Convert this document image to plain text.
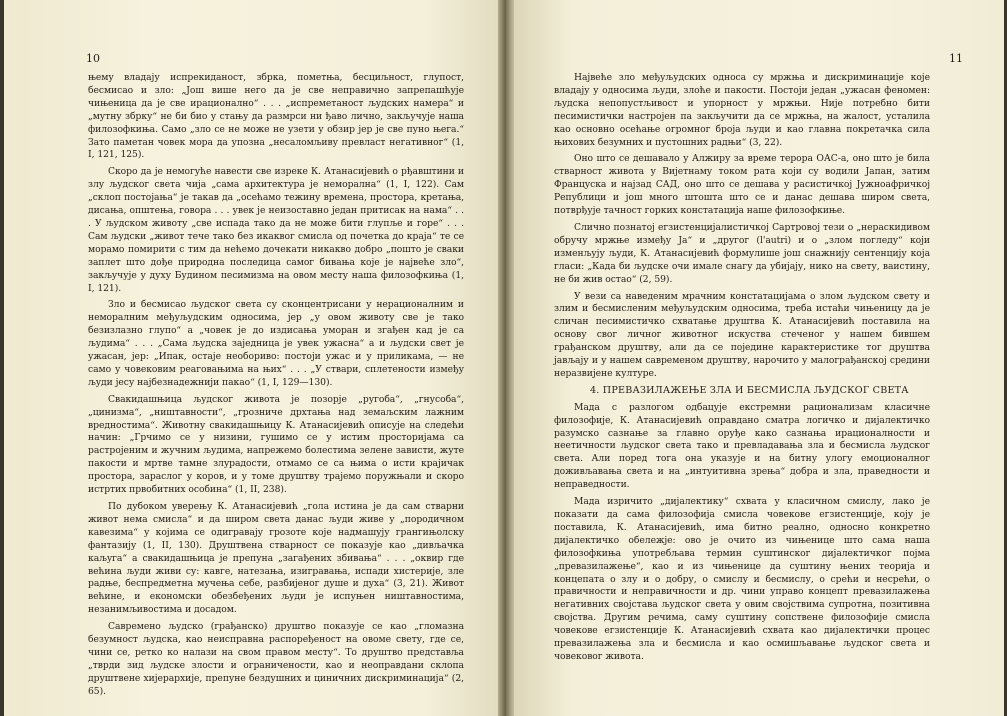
10

њему владају испрекиданост, збрка, пометња, бесциљност, глупост, бесмисао и зло: „Још више него да је све неправично запрепашћује чињеница да је све ирационално“ . . . „испреметаност људских намера“ и „мутну збрку“ не би био у стању да размрси ни ђаво лично, закључује наша филозофкиња. Само „зло се не може не узети у обзир јер је све пуно њега.“ Зато паметан човек мора да упозна „несаломљиву превласт негативног“ (1, I, 121, 125).

Скоро да је немогуће навести све изреке К. Атанасијевић о рђавштини и злу људског света чија „сама архитектура је неморална“ (1, I, 122). Сам „склоп постојања“ је такав да „осећамо тежину времена, простора, кретања, дисања, општења, говора . . . увек је неизоставно један притисак на нама“ . . . У људском животу „све испада тако да не може бити глупље и горе“ . . . Сам људски „живот тече тако без икаквог смисла од почетка до краја“ те се морамо помирити с тим да нећемо дочекати никакво добро „пошто је сваки заплет што дође природна последица самог бивања које је највеће зло“, закључује у духу Будином песимизма на овом месту наша филозофкиња (1, I, 121).

Зло и бесмисао људског света су сконцентрисани у нерационалним и неморалним међуљудским односима, јер „у овом животу све је тако безизлазно глупо“ а „човек је до издисања уморан и згађен кад је са људима“ . . . „Сама људска заједница је увек ужасна“ а и људски свет је ужасан, јер: „Ипак, остаје необориво: постоји ужас и у приликама, — не само у човековим реаговањима на њих“ . . . „У ствари, сплетености између људи јесу најбезнадежнији пакао“ (1, I, 129—130).

Свакидашњица људског живота је позорје „ругоба“, „гнусоба“, „цинизма“, „ништавности“, „грозниче дрхтања над земаљским лажним вредностима“. Животну свакидашњицу К. Атанасијевић описује на следећи начин: „Грчимо се у низини, гушимо се у истим просторијама са растројеним и жучним људима, напрежемо болестима зелене зависти, жуте пакости и мртве тамне злурадости, отмамо се са њима о исти крајичак простора, зараслог у коров, и у томе друштву трајемо поружњали и скоро истртих првобитних особина“ (1, II, 238).

По дубоком уверењу К. Атанасијевић „гола истина је да сам стварни живот нема смисла“ и да широм света данас људи живе у „породичном кавезима“ у којима се одигравају грозоте које надмашују грангињолску фантазију (1, II, 130). Друштвена стварност се показује као „дивљачка каљуга“ а свакидашњица је препуна „загађених збивања“ . . . „оквир где већина људи живи су: кавге, натезања, изигравања, испади хистерије, зле радње, беспредметна мучења себе, разбијеног душе и духа“ (3, 21). Живот већине, и економски обезбеђених људи је испуњен ништавностима, незанимљивостима и досадом.

Савремено људско (грађанско) друштво показује се као „гломазна безумност људска, као неисправна распоређеност на овоме свету, где се, чини се, ретко ко налази на свом правом месту“. То друштво представља „тврди зид људске злости и ограничености, као и неоправдани склопа друштвене хијерархије, препуне бездушних и циничних дискриминација“ (2, 65).

11

Највеће зло међуљудских односа су мржња и дискриминације које владају у односима људи, злоће и пакости. Постоји један „ужасан феномен: људска непопустљивост и упорност у мржњи. Није потребно бити песимистички настројен па закључити да се мржња, на жалост, усталила као основно осећање огромног броја људи и као главна покретачка сила њихових безумних и пустошних радњи“ (3, 22).

Оно што се дешавало у Алжиру за време терора ОАС-а, оно што је била стварност живота у Вијетнаму током рата који су водили Јапан, затим Француска и најзад САД, оно што се дешава у расистичкој Јужноафричкој Републици и још много штошта што се и данас дешава широм света, потврђује тачност горких констатација наше филозофкиње.

Слично познатој егзистенцијалистичкој Сартровој тези о „нераскидивом обручу мржње између Ја“ и „другог (l'autri) и о „злом погледу“ који изменљују људи, К. Атанасијевић формулише још снажнију сентенцију која гласи: „Када би људске очи имале снагу да убијају, нико на свету, ваистину, не би жив остао“ (2, 59).

У вези са наведеним мрачним констатацијама о злом људском свету и злим и бесмисленим међуљудским односима, треба истаћи чињеницу да је сличан песимистичко схватање друштва К. Атанасијевић поставила на основу свог личног животног искуства стеченог у нашем бившем грађанском друштву, али да се поједине карактеристике тог друштва јављају и у нашем савременом друштву, нарочито у малограђанској средини неразвијене културе.

4. ПРЕВАЗИЛАЖЕЊЕ ЗЛА И БЕСМИСЛА ЉУДСКОГ СВЕТА

Мада с разлогом одбацује екстремни рационализам класичне филозофије, К. Атанасијевић оправдано сматра логичко и дијалектичко разумско сазнање за главно оруђе како сазнања ирационалности и неетичности људског света тако и превладавања зла и бесмисла људског света. Али поред тога она указује и на битну улогу емоционалног доживљавања света и на „интуитивна зрења“ добра и зла, праведности и неправедности.

Мада изричито „дијалектику“ схвата у класичном смислу, лако је показати да сама филозофија смисла човекове егзистенције, коју је поставила, К. Атанасијевић, има битно реално, односно конкретно дијалектичко обележје: ово је очито из чињенице што сама наша филозофкиња употребљава термин суштинског дијалектичког појма „превазилажење“, као и из чињенице да суштину њених теорија и концепата о злу и о добру, о смислу и бесмислу, о срећи и несрећи, о правичности и неправичности и др. чини управо концепт превазилажења негативних својстава људског света у овим својствима супротна, позитивна својства. Другим речима, саму суштину сопствене филозофије смисла човекове егзистенције К. Атанасијевић схвата као дијалектички процес превазилажења зла и бесмисла и као осмишљавање људског света и човековог живота.
